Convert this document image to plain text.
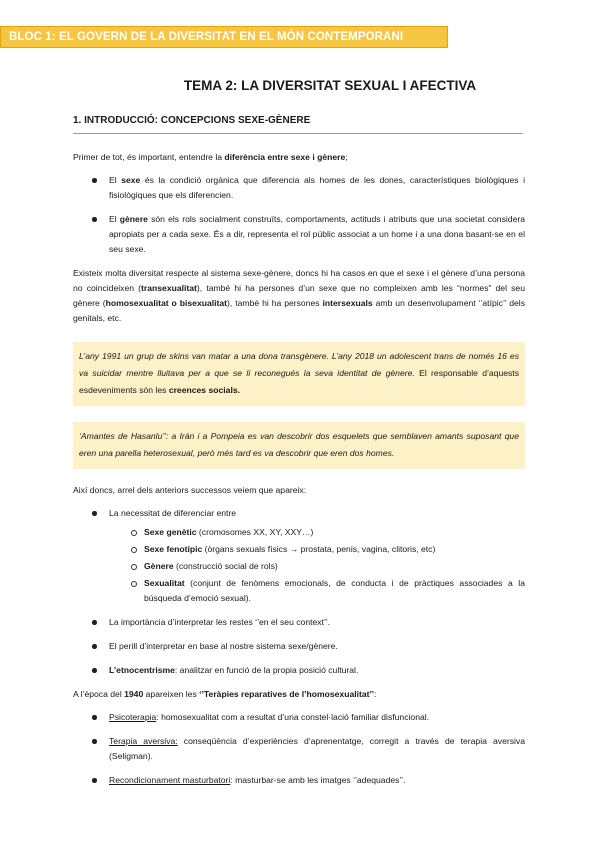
BLOC 1: EL GOVERN DE LA DIVERSITAT EN EL MÓN CONTEMPORANI
TEMA 2: LA DIVERSITAT SEXUAL I AFECTIVA
1. INTRODUCCIÓ: CONCEPCIONS SEXE-GÈNERE

Primer de tot, és important, entendre la diferència entre sexe i gènere;

El sexe és la condició orgànica que diferencia als homes de les dones, característiques biològiques i fisiològiques que els diferencien.
El gènere són els rols socialment construïts, comportaments, actituds i atributs que una societat considera apropiats per a cada sexe. És a dir, representa el rol públic associat a un home i a una dona basant-se en el seu sexe.

Existeix molta diversitat respecte al sistema sexe-gènere, doncs hi ha casos en que el sexe i el gènere d’una persona no coincideixen (transexualitat), també hi ha persones d’un sexe que no compleixen amb les “normes” del seu gènere (homosexualitat o bisexualitat), també hi ha persones intersexuals amb un desenvolupament ‘’atípic’’ dels genitals, etc.

L’any 1991 un grup de skins van matar a una dona transgènere. L’any 2018 un adolescent trans de només 16 es va suicidar mentre lluitava per a que se li reconegués la seva identitat de gènere. El responsable d’aquests esdeveniments són les creences socials.
‘Amantes de Hasanlu’’: a Irán i a Pompeia es van descobrir dos esquelets que semblaven amants suposant que eren una parella heterosexual, però més tard es va descobrir que eren dos homes.

Així doncs, arrel dels anteriors successos veiem que apareix:

La necessitat de diferenciar entre
Sexe genètic (cromosomes XX, XY, XXY…)
Sexe fenotípic (òrgans sexuals físics → prostata, penis, vagina, clitoris, etc)
Gènere (construcció social de rols)
Sexualitat (conjunt de fenòmens emocionals, de conducta i de pràctiques associades a la búsqueda d’emoció sexual).
La importància d’interpretar les restes ‘’en el seu context’’.
El perill d’interpretar en base al nostre sistema sexe/gènere.
L’etnocentrisme: analitzar en funció de la propia posició cultural.

A l’època del 1940 apareixen les ‘’Teràpies reparatives de l’homosexualitat’’:

Psicoterapia: homosexualitat com a resultat d’una constel·lació familiar disfuncional.
Terapia aversiva: conseqüència d’experiències d’aprenentatge, corregit a través de terapia aversiva (Seligman).
Recondicionament masturbatori: masturbar-se amb les imatges ‘’adequades’’.
